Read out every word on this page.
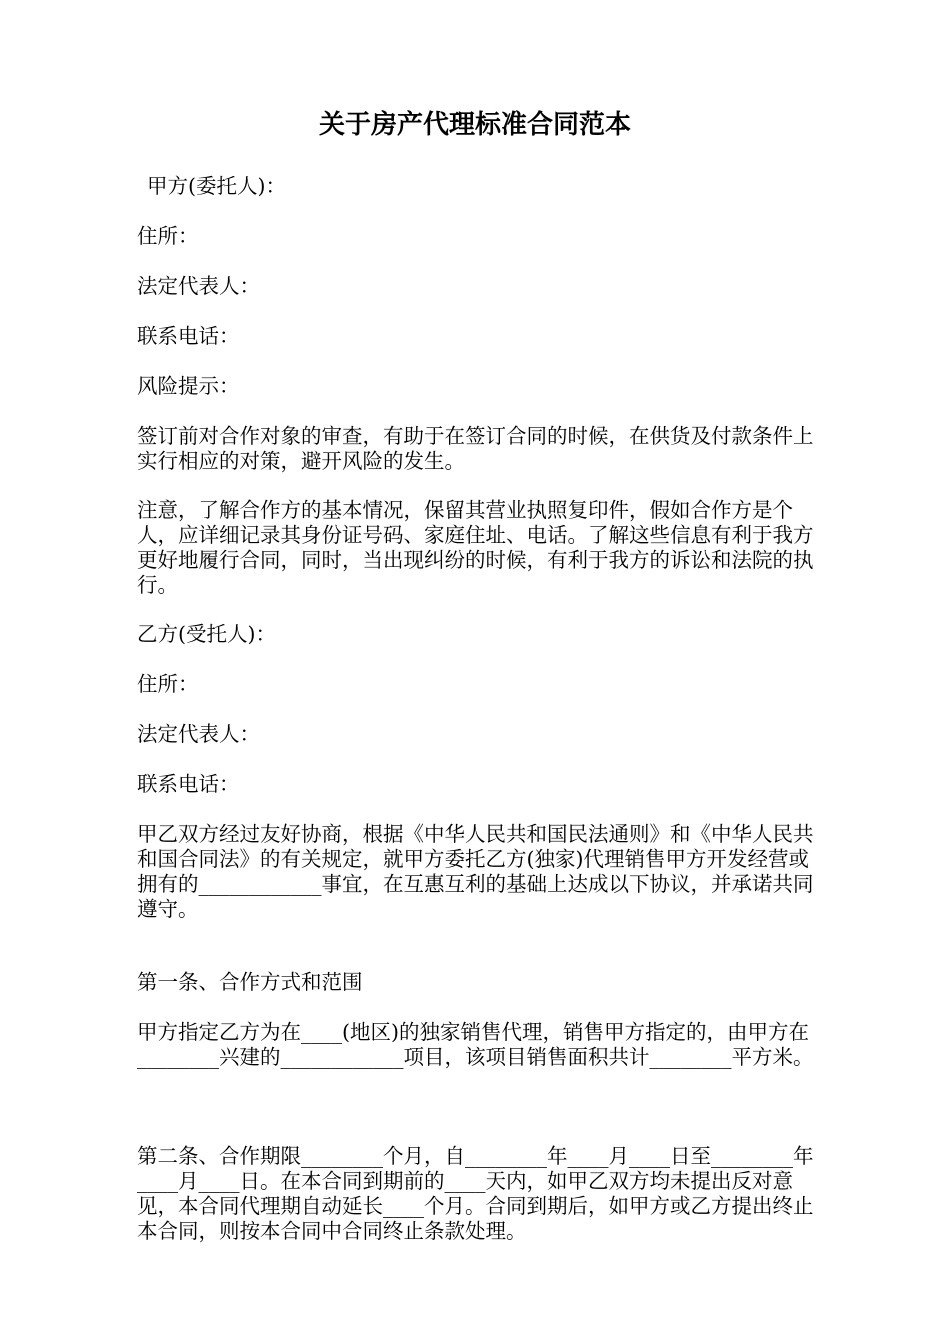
关于房产代理标准合同范本

甲方(委托人)：

住所：

法定代表人：

联系电话：

风险提示：

签订前对合作对象的审查，有助于在签订合同的时候，在供货及付款条件上实行相应的对策，避开风险的发生。

注意，了解合作方的基本情况，保留其营业执照复印件，假如合作方是个人，应详细记录其身份证号码、家庭住址、电话。了解这些信息有利于我方更好地履行合同，同时，当出现纠纷的时候，有利于我方的诉讼和法院的执行。

乙方(受托人)：

住所：

法定代表人：

联系电话：

甲乙双方经过友好协商，根据《中华人民共和国民法通则》和《中华人民共和国合同法》的有关规定，就甲方委托乙方(独家)代理销售甲方开发经营或拥有的____________事宜，在互惠互利的基础上达成以下协议，并承诺共同遵守。

第一条、合作方式和范围

甲方指定乙方为在____(地区)的独家销售代理，销售甲方指定的，由甲方在________兴建的____________项目，该项目销售面积共计________平方米。

第二条、合作期限________个月，自________年____月____日至________年____月____日。在本合同到期前的____天内，如甲乙双方均未提出反对意见，本合同代理期自动延长____个月。合同到期后，如甲方或乙方提出终止本合同，则按本合同中合同终止条款处理。
